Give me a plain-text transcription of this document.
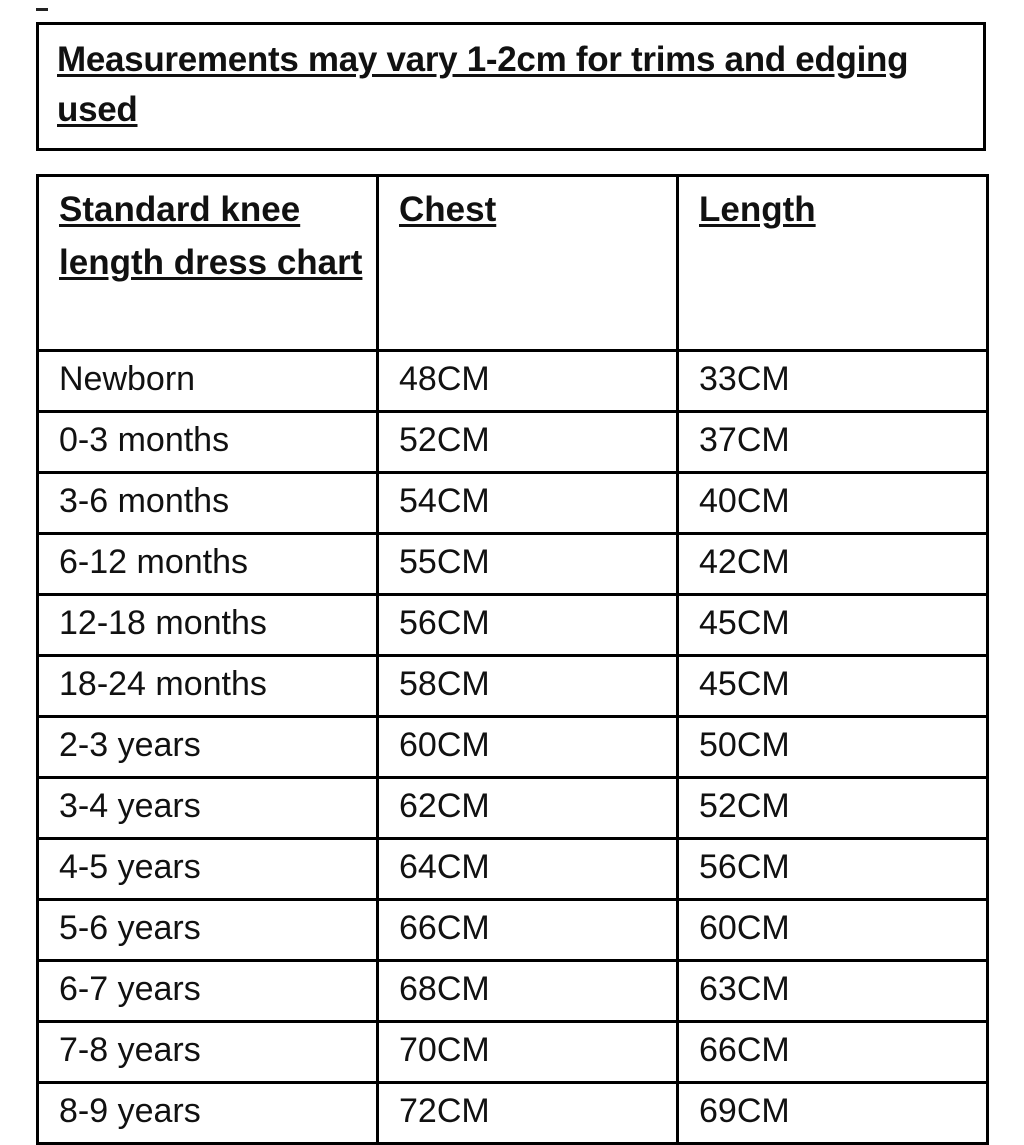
Measurements may vary 1-2cm for trims and edging used
Standard knee length dress chart	Chest	Length
Newborn	48CM	33CM
0-3 months	52CM	37CM
3-6 months	54CM	40CM
6-12 months	55CM	42CM
12-18 months	56CM	45CM
18-24 months	58CM	45CM
2-3 years	60CM	50CM
3-4 years	62CM	52CM
4-5 years	64CM	56CM
5-6 years	66CM	60CM
6-7 years	68CM	63CM
7-8 years	70CM	66CM
8-9 years	72CM	69CM
